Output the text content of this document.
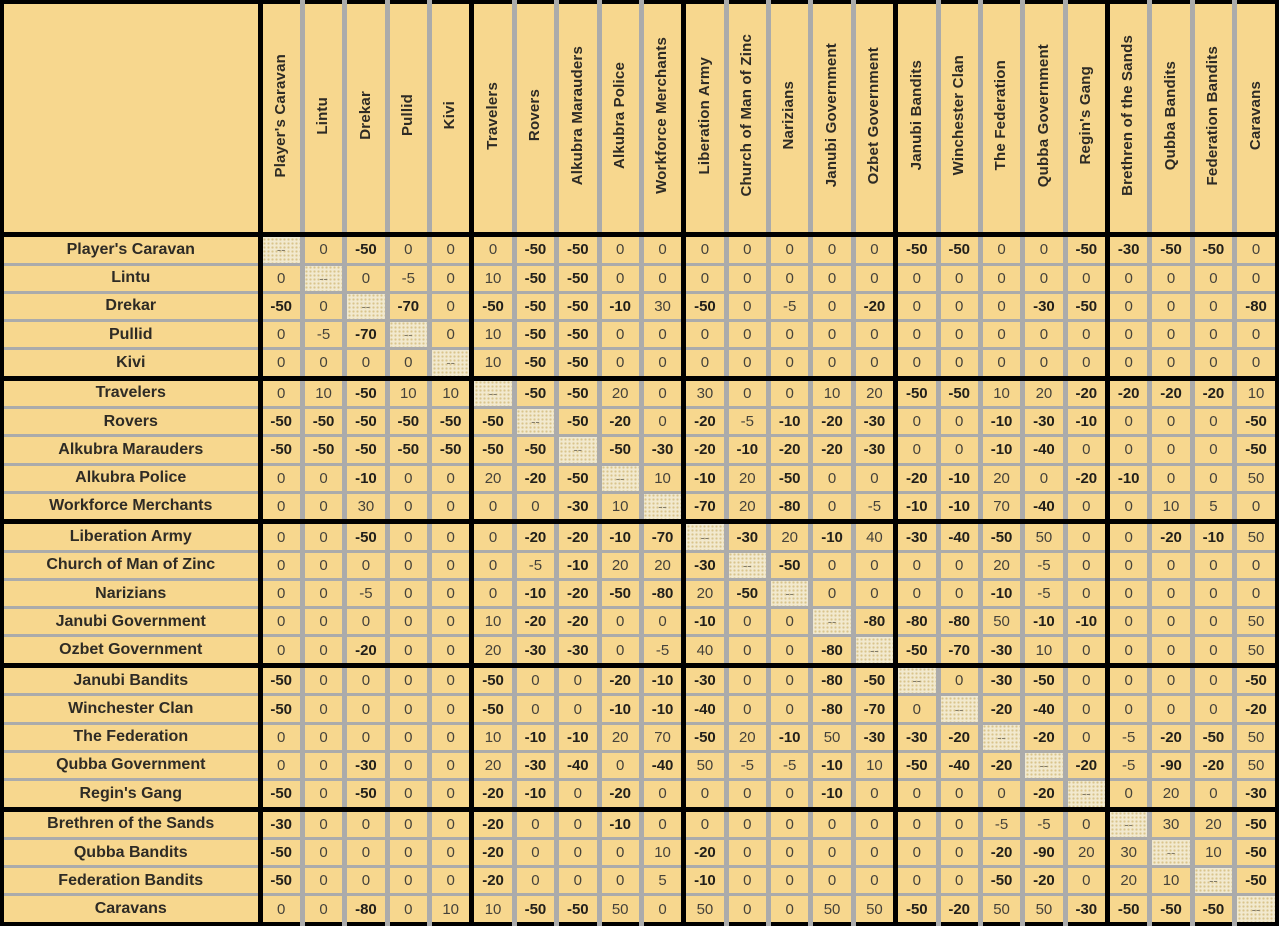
	Player's Caravan	Lintu	Drekar	Pullid	Kivi	Travelers	Rovers	Alkubra Marauders	Alkubra Police	Workforce Merchants	Liberation Army	Church of Man of Zinc	Narizians	Janubi Government	Ozbet Government	Janubi Bandits	Winchester Clan	The Federation	Qubba Government	Regin's Gang	Brethren of the Sands	Qubba Bandits	Federation Bandits	Caravans
Player's Caravan	--	0	-50	0	0	0	-50	-50	0	0	0	0	0	0	0	-50	-50	0	0	-50	-30	-50	-50	0
Lintu	0	--	0	-5	0	10	-50	-50	0	0	0	0	0	0	0	0	0	0	0	0	0	0	0	0
Drekar	-50	0	--	-70	0	-50	-50	-50	-10	30	-50	0	-5	0	-20	0	0	0	-30	-50	0	0	0	-80
Pullid	0	-5	-70	--	0	10	-50	-50	0	0	0	0	0	0	0	0	0	0	0	0	0	0	0	0
Kivi	0	0	0	0	--	10	-50	-50	0	0	0	0	0	0	0	0	0	0	0	0	0	0	0	0
Travelers	0	10	-50	10	10	--	-50	-50	20	0	30	0	0	10	20	-50	-50	10	20	-20	-20	-20	-20	10
Rovers	-50	-50	-50	-50	-50	-50	--	-50	-20	0	-20	-5	-10	-20	-30	0	0	-10	-30	-10	0	0	0	-50
Alkubra Marauders	-50	-50	-50	-50	-50	-50	-50	--	-50	-30	-20	-10	-20	-20	-30	0	0	-10	-40	0	0	0	0	-50
Alkubra Police	0	0	-10	0	0	20	-20	-50	--	10	-10	20	-50	0	0	-20	-10	20	0	-20	-10	0	0	50
Workforce Merchants	0	0	30	0	0	0	0	-30	10	--	-70	20	-80	0	-5	-10	-10	70	-40	0	0	10	5	0
Liberation Army	0	0	-50	0	0	0	-20	-20	-10	-70	--	-30	20	-10	40	-30	-40	-50	50	0	0	-20	-10	50
Church of Man of Zinc	0	0	0	0	0	0	-5	-10	20	20	-30	--	-50	0	0	0	0	20	-5	0	0	0	0	0
Narizians	0	0	-5	0	0	0	-10	-20	-50	-80	20	-50	--	0	0	0	0	-10	-5	0	0	0	0	0
Janubi Government	0	0	0	0	0	10	-20	-20	0	0	-10	0	0	--	-80	-80	-80	50	-10	-10	0	0	0	50
Ozbet Government	0	0	-20	0	0	20	-30	-30	0	-5	40	0	0	-80	--	-50	-70	-30	10	0	0	0	0	50
Janubi Bandits	-50	0	0	0	0	-50	0	0	-20	-10	-30	0	0	-80	-50	--	0	-30	-50	0	0	0	0	-50
Winchester Clan	-50	0	0	0	0	-50	0	0	-10	-10	-40	0	0	-80	-70	0	--	-20	-40	0	0	0	0	-20
The Federation	0	0	0	0	0	10	-10	-10	20	70	-50	20	-10	50	-30	-30	-20	--	-20	0	-5	-20	-50	50
Qubba Government	0	0	-30	0	0	20	-30	-40	0	-40	50	-5	-5	-10	10	-50	-40	-20	--	-20	-5	-90	-20	50
Regin's Gang	-50	0	-50	0	0	-20	-10	0	-20	0	0	0	0	-10	0	0	0	0	-20	--	0	20	0	-30
Brethren of the Sands	-30	0	0	0	0	-20	0	0	-10	0	0	0	0	0	0	0	0	-5	-5	0	--	30	20	-50
Qubba Bandits	-50	0	0	0	0	-20	0	0	0	10	-20	0	0	0	0	0	0	-20	-90	20	30	--	10	-50
Federation Bandits	-50	0	0	0	0	-20	0	0	0	5	-10	0	0	0	0	0	0	-50	-20	0	20	10	--	-50
Caravans	0	0	-80	0	10	10	-50	-50	50	0	50	0	0	50	50	-50	-20	50	50	-30	-50	-50	-50	--
